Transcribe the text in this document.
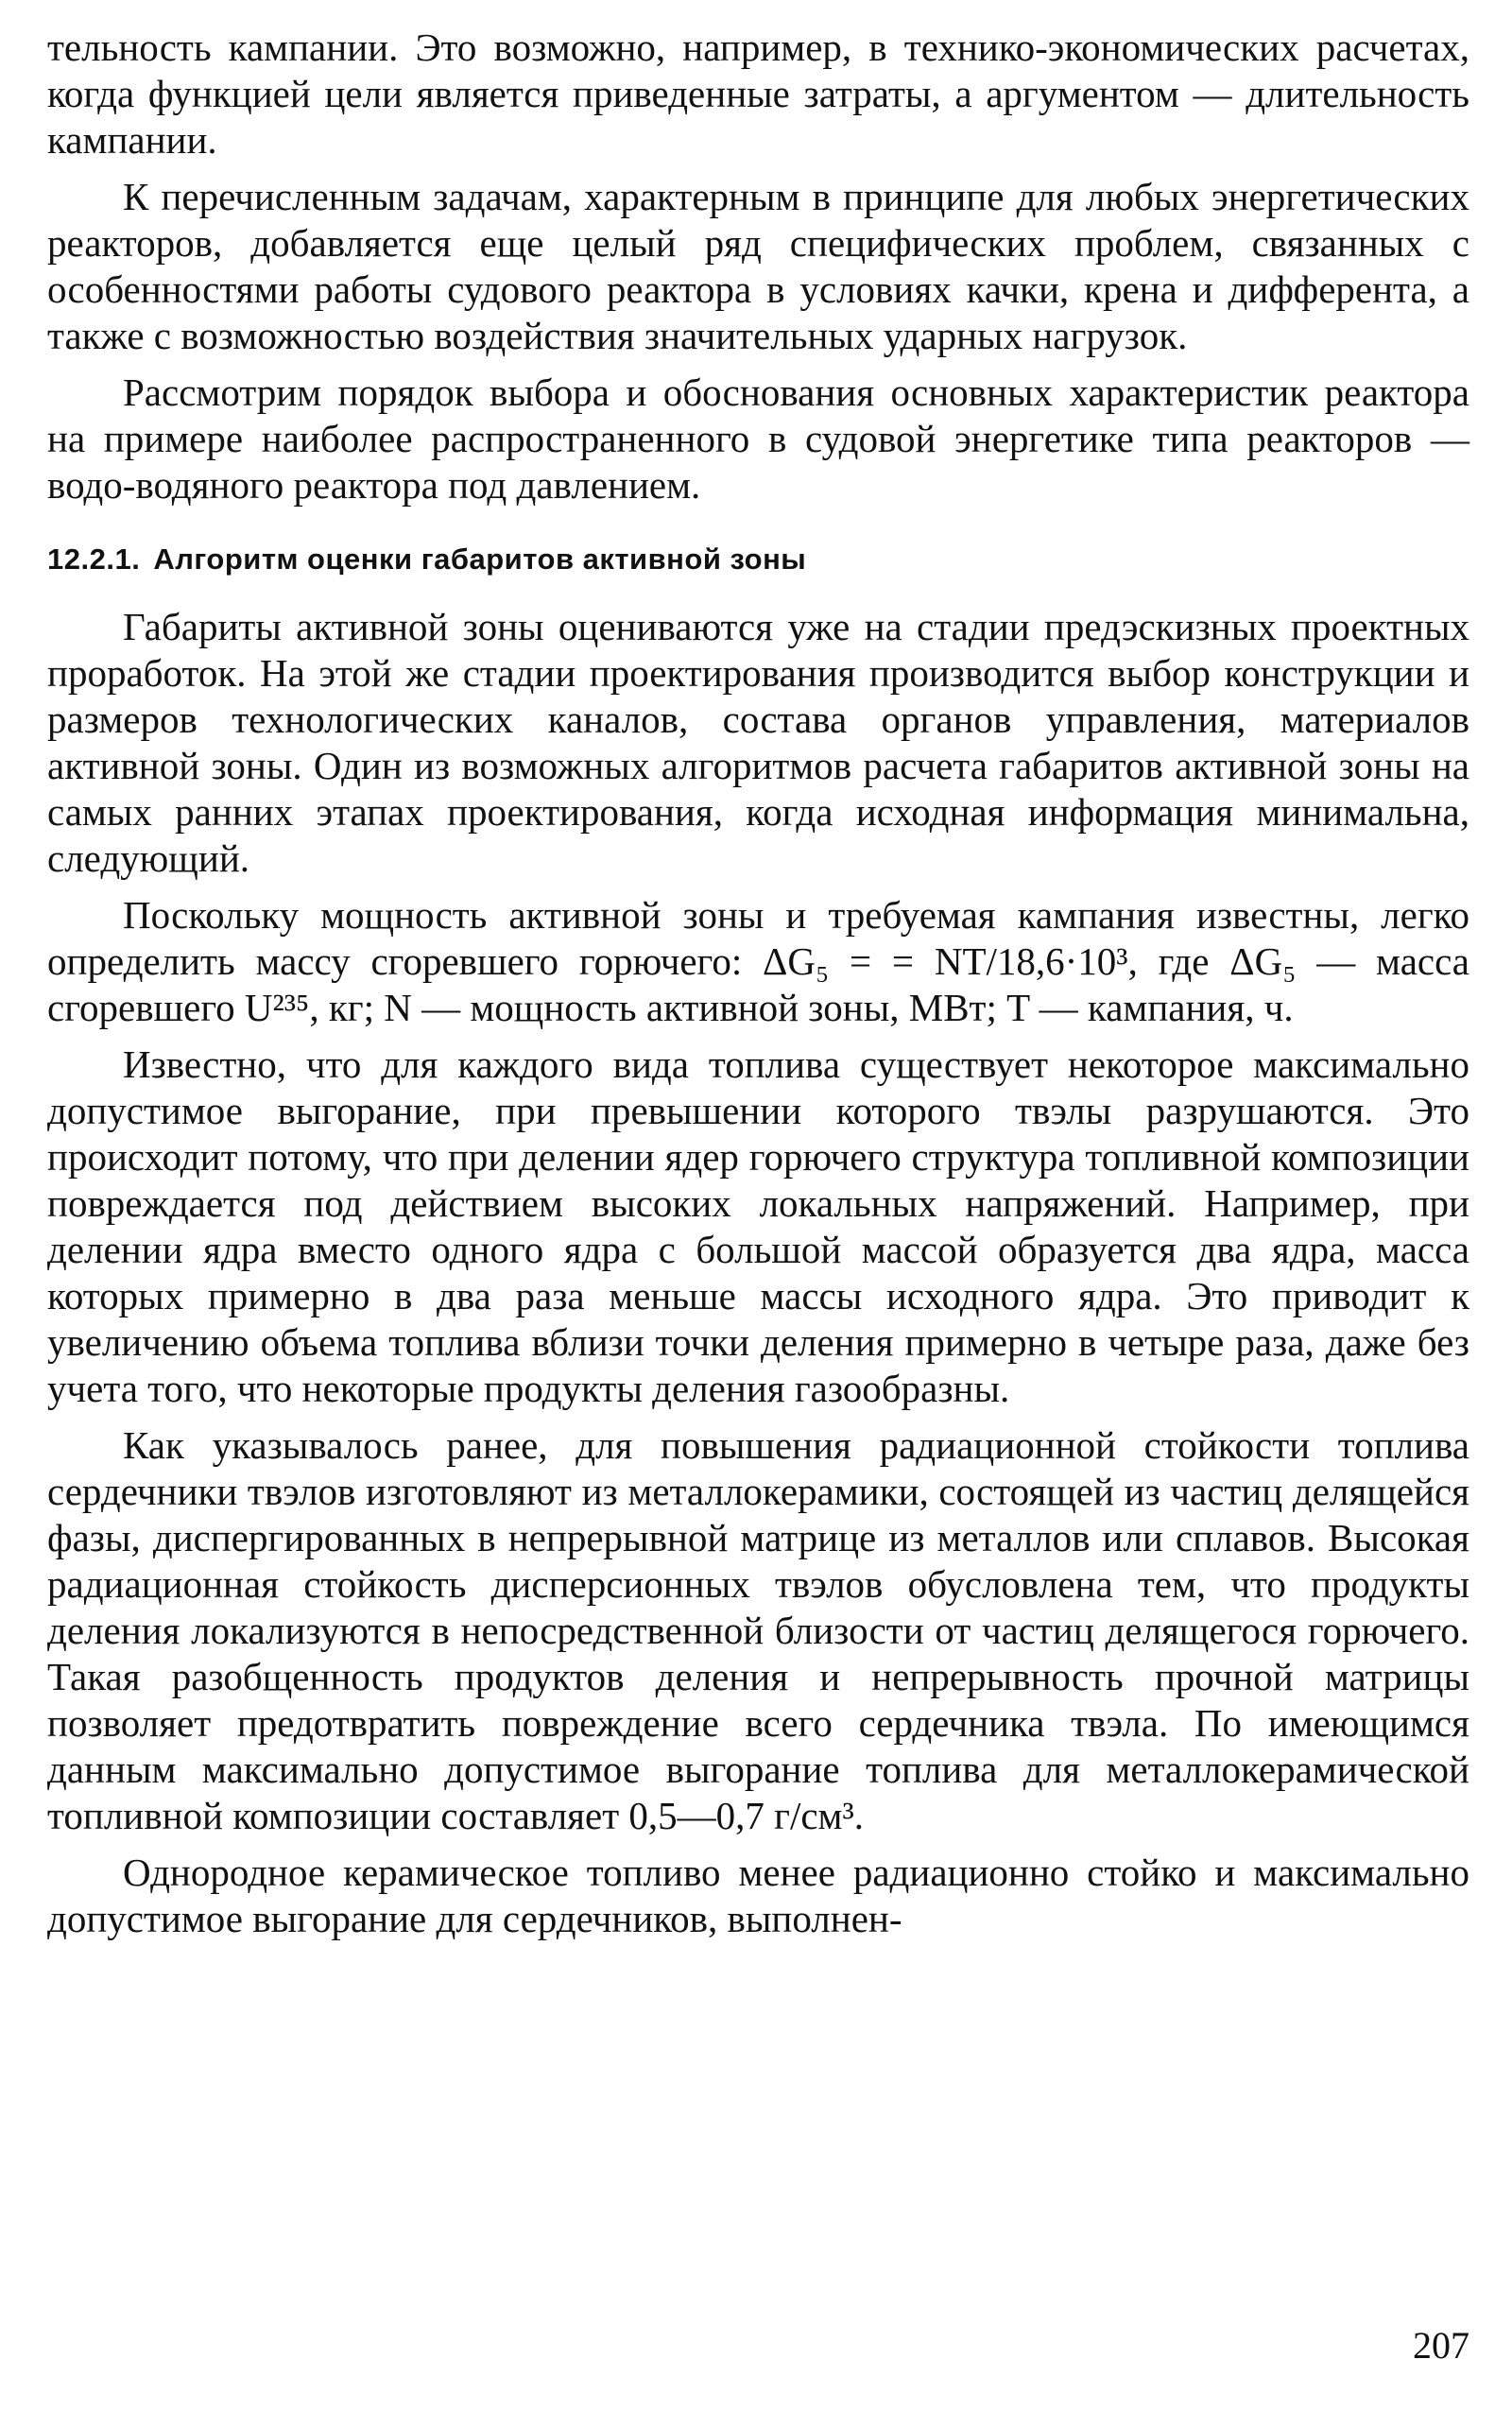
тельность кампании. Это возможно, например, в технико-экономических расчетах, когда функцией цели является приведенные затраты, а аргументом — длительность кампании.

К перечисленным задачам, характерным в принципе для любых энергетических реакторов, добавляется еще целый ряд специфических проблем, связанных с особенностями работы судового реактора в условиях качки, крена и дифферента, а также с возможностью воздействия значительных ударных нагрузок.

Рассмотрим порядок выбора и обоснования основных характеристик реактора на примере наиболее распространенного в судовой энергетике типа реакторов — водо-водяного реактора под давлением.

12.2.1. Алгоритм оценки габаритов активной зоны

Габариты активной зоны оцениваются уже на стадии предэскизных проектных проработок. На этой же стадии проектирования производится выбор конструкции и размеров технологических каналов, состава органов управления, материалов активной зоны. Один из возможных алгоритмов расчета габаритов активной зоны на самых ранних этапах проектирования, когда исходная информация минимальна, следующий.

Поскольку мощность активной зоны и требуемая кампания известны, легко определить массу сгоревшего горючего: ΔG₅ = = NT/18,6·10³, где ΔG₅ — масса сгоревшего U²³⁵, кг; N — мощность активной зоны, МВт; T — кампания, ч.

Известно, что для каждого вида топлива существует некоторое максимально допустимое выгорание, при превышении которого твэлы разрушаются. Это происходит потому, что при делении ядер горючего структура топливной композиции повреждается под действием высоких локальных напряжений. Например, при делении ядра вместо одного ядра с большой массой образуется два ядра, масса которых примерно в два раза меньше массы исходного ядра. Это приводит к увеличению объема топлива вблизи точки деления примерно в четыре раза, даже без учета того, что некоторые продукты деления газообразны.

Как указывалось ранее, для повышения радиационной стойкости топлива сердечники твэлов изготовляют из металлокерамики, состоящей из частиц делящейся фазы, диспергированных в непрерывной матрице из металлов или сплавов. Высокая радиационная стойкость дисперсионных твэлов обусловлена тем, что продукты деления локализуются в непосредственной близости от частиц делящегося горючего. Такая разобщенность продуктов деления и непрерывность прочной матрицы позволяет предотвратить повреждение всего сердечника твэла. По имеющимся данным максимально допустимое выгорание топлива для металлокерамической топливной композиции составляет 0,5—0,7 г/см³.

Однородное керамическое топливо менее радиационно стойко и максимально допустимое выгорание для сердечников, выполнен-

207
